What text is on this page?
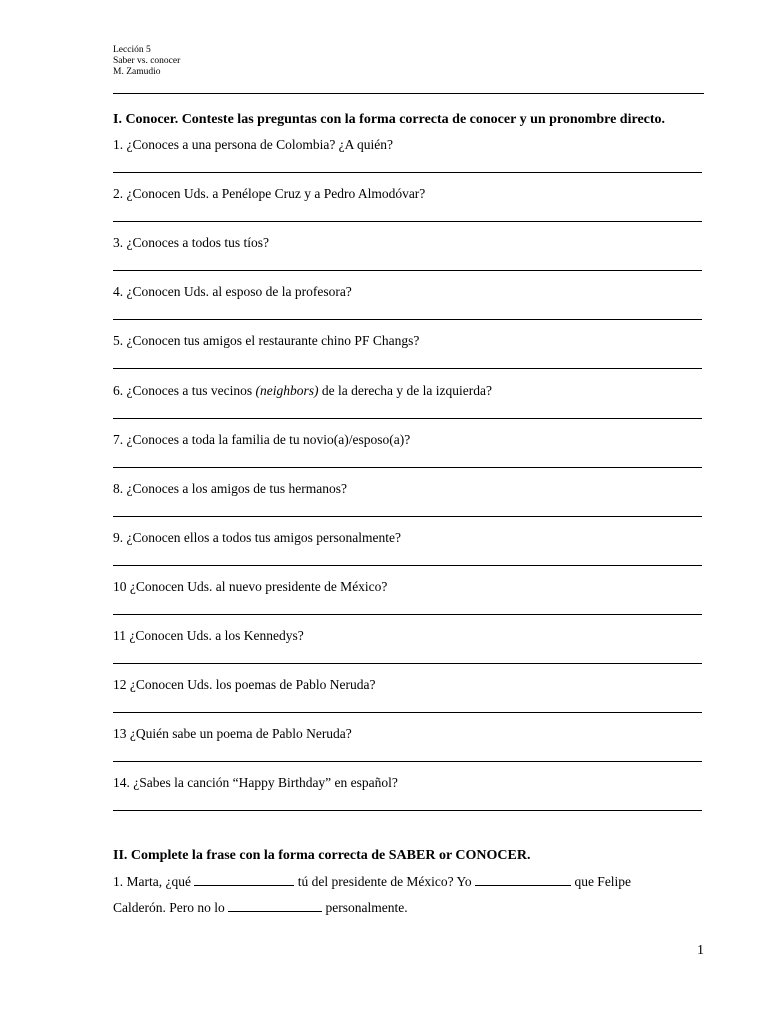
Lección 5
Saber vs. conocer
M. Zamudio
I. Conocer. Conteste las preguntas con la forma correcta de conocer y un pronombre directo.
1. ¿Conoces a una persona de Colombia? ¿A quién?
2. ¿Conocen Uds. a Penélope Cruz y a Pedro Almodóvar?
3. ¿Conoces a todos tus tíos?
4. ¿Conocen Uds. al esposo de la profesora?
5. ¿Conocen tus amigos el restaurante chino PF Changs?
6. ¿Conoces a tus vecinos (neighbors) de la derecha y de la izquierda?
7. ¿Conoces a toda la familia de tu novio(a)/esposo(a)?
8. ¿Conoces a los amigos de tus hermanos?
9. ¿Conocen ellos a todos tus amigos personalmente?
10 ¿Conocen Uds. al nuevo presidente de México?
11 ¿Conocen Uds. a los Kennedys?
12 ¿Conocen Uds. los poemas de Pablo Neruda?
13 ¿Quién sabe un poema de Pablo Neruda?
14. ¿Sabes la canción “Happy Birthday” en español?
II. Complete la frase con la forma correcta de SABER or CONOCER.
1. Marta, ¿qué	tú del presidente de México? Yo	que Felipe
Calderón. Pero no lo	personalmente.
1
